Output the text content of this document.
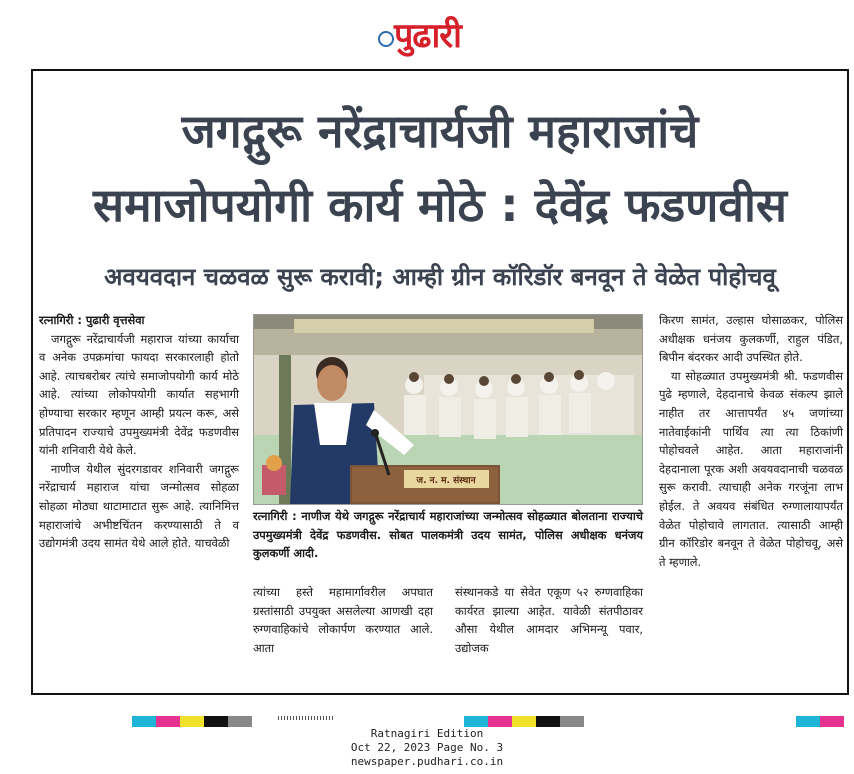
पुढारी
जगद्गुरू नरेंद्राचार्यजी महाराजांचे
समाजोपयोगी कार्य मोठे : देवेंद्र फडणवीस
अवयवदान चळवळ सुरू करावी; आम्ही ग्रीन कॉरिडॉर बनवून ते वेळेत पोहोचवू

रत्नागिरी : पुढारी वृत्तसेवा

जगद्गुरू नरेंद्राचार्यजी महाराज यांच्या कार्याचा व अनेक उपक्रमांचा फायदा सरकारलाही होतो आहे. त्याचबरोबर त्यांचे समाजोपयोगी कार्य मोठे आहे. त्यांच्या लोकोपयोगी कार्यात सहभागी होण्याचा सरकार म्हणून आम्ही प्रयत्न करू, असे प्रतिपादन राज्याचे उपमुख्यमंत्री देवेंद्र फडणवीस यांनी शनिवारी येथे केले.

नाणीज येथील सुंदरगडावर शनिवारी जगद्गुरू नरेंद्राचार्य महाराज यांचा जन्मोत्सव सोहळा सोहळा मोठ्या थाटामाटात सुरू आहे. त्यानिमित्त महाराजांचे अभीष्टचिंतन करण्यासाठी ते व उद्योगमंत्री उदय सामंत येथे आले होते. याचवेळी

ज. न. म. संस्थान
रत्नागिरी : नाणीज येथे जगद्गुरू नरेंद्राचार्य महाराजांच्या जन्मोत्सव सोहळ्यात बोलताना राज्याचे उपमुख्यमंत्री देवेंद्र फडणवीस. सोबत पालकमंत्री उदय सामंत, पोलिस अधीक्षक धनंजय कुलकर्णी आदी.
त्यांच्या हस्ते महामार्गावरील अपघात ग्रस्तांसाठी उपयुक्त असलेल्या आणखी दहा रुग्णवाहिकांचे लोकार्पण करण्यात आले. आता
संस्थानकडे या सेवेत एकूण ५२ रुग्णवाहिका कार्यरत झाल्या आहेत. यावेळी संतपीठावर औसा येथील आमदार अभिमन्यू पवार, उद्योजक

किरण सामंत, उल्हास घोसाळकर, पोलिस अधीक्षक धनंजय कुलकर्णी, राहुल पंडित, बिपीन बंदरकर आदी उपस्थित होते.

या सोहळ्यात उपमुख्यमंत्री श्री. फडणवीस पुढे म्हणाले, देहदानाचे केवळ संकल्प झाले नाहीत तर आत्तापर्यंत ४५ जणांच्या नातेवाईकांनी पार्थिव त्या त्या ठिकांणी पोहोचवले आहेत. आता महाराजांनी देहदानाला पूरक अशी अवयवदानाची चळवळ सुरू करावी. त्याचाही अनेक गरजूंना लाभ होईल. ते अवयव संबंधित रुग्णालायापर्यंत वेळेत पोहोचावे लागतात. त्यासाठी आम्ही ग्रीन कॉरिडोर बनवून ते वेळेत पोहोचवू, असे ते म्हणाले.

Ratnagiri Edition
Oct 22, 2023 Page No. 3
newspaper.pudhari.co.in
